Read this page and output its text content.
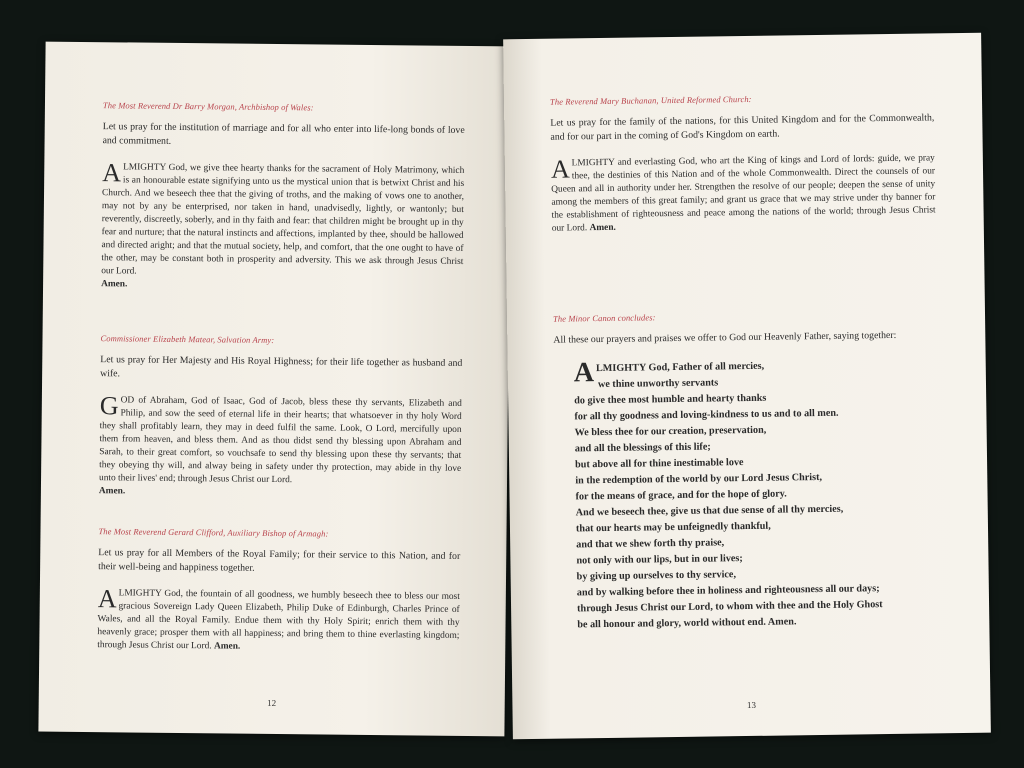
The Most Reverend Dr Barry Morgan, Archbishop of Wales:

Let us pray for the institution of marriage and for all who enter into life-long bonds of love and commitment.

ALMIGHTY God, we give thee hearty thanks for the sacrament of Holy Matrimony, which is an honourable estate signifying unto us the mystical union that is betwixt Christ and his Church. And we beseech thee that the giving of troths, and the making of vows one to another, may not by any be enterprised, nor taken in hand, unadvisedly, lightly, or wantonly; but reverently, discreetly, soberly, and in thy faith and fear: that children might be brought up in thy fear and nurture; that the natural instincts and affections, implanted by thee, should be hallowed and directed aright; and that the mutual society, help, and comfort, that the one ought to have of the other, may be constant both in prosperity and adversity. This we ask through Jesus Christ our Lord.
Amen.

Commissioner Elizabeth Matear, Salvation Army:

Let us pray for Her Majesty and His Royal Highness; for their life together as husband and wife.

GOD of Abraham, God of Isaac, God of Jacob, bless these thy servants, Elizabeth and Philip, and sow the seed of eternal life in their hearts; that whatsoever in thy holy Word they shall profitably learn, they may in deed fulfil the same. Look, O Lord, mercifully upon them from heaven, and bless them. And as thou didst send thy blessing upon Abraham and Sarah, to their great comfort, so vouchsafe to send thy blessing upon these thy servants; that they obeying thy will, and alway being in safety under thy protection, may abide in thy love unto their lives' end; through Jesus Christ our Lord.
Amen.

The Most Reverend Gerard Clifford, Auxiliary Bishop of Armagh:

Let us pray for all Members of the Royal Family; for their service to this Nation, and for their well-being and happiness together.

ALMIGHTY God, the fountain of all goodness, we humbly beseech thee to bless our most gracious Sovereign Lady Queen Elizabeth, Philip Duke of Edinburgh, Charles Prince of Wales, and all the Royal Family. Endue them with thy Holy Spirit; enrich them with thy heavenly grace; prosper them with all happiness; and bring them to thine everlasting kingdom; through Jesus Christ our Lord. Amen.

12

The Reverend Mary Buchanan, United Reformed Church:

Let us pray for the family of the nations, for this United Kingdom and for the Commonwealth, and for our part in the coming of God's Kingdom on earth.

ALMIGHTY and everlasting God, who art the King of kings and Lord of lords: guide, we pray thee, the destinies of this Nation and of the whole Commonwealth. Direct the counsels of our Queen and all in authority under her. Strengthen the resolve of our people; deepen the sense of unity among the members of this great family; and grant us grace that we may strive under thy banner for the establishment of righteousness and peace among the nations of the world; through Jesus Christ our Lord. Amen.

The Minor Canon concludes:

All these our prayers and praises we offer to God our Heavenly Father, saying together:

ALMIGHTY God, Father of all mercies,
we thine unworthy servants
do give thee most humble and hearty thanks
for all thy goodness and loving-kindness to us and to all men.
We bless thee for our creation, preservation,
and all the blessings of this life;
but above all for thine inestimable love
in the redemption of the world by our Lord Jesus Christ,
for the means of grace, and for the hope of glory.
And we beseech thee, give us that due sense of all thy mercies,
that our hearts may be unfeignedly thankful,
and that we shew forth thy praise,
not only with our lips, but in our lives;
by giving up ourselves to thy service,
and by walking before thee in holiness and righteousness all our days;
through Jesus Christ our Lord, to whom with thee and the Holy Ghost
be all honour and glory, world without end. Amen.
13
